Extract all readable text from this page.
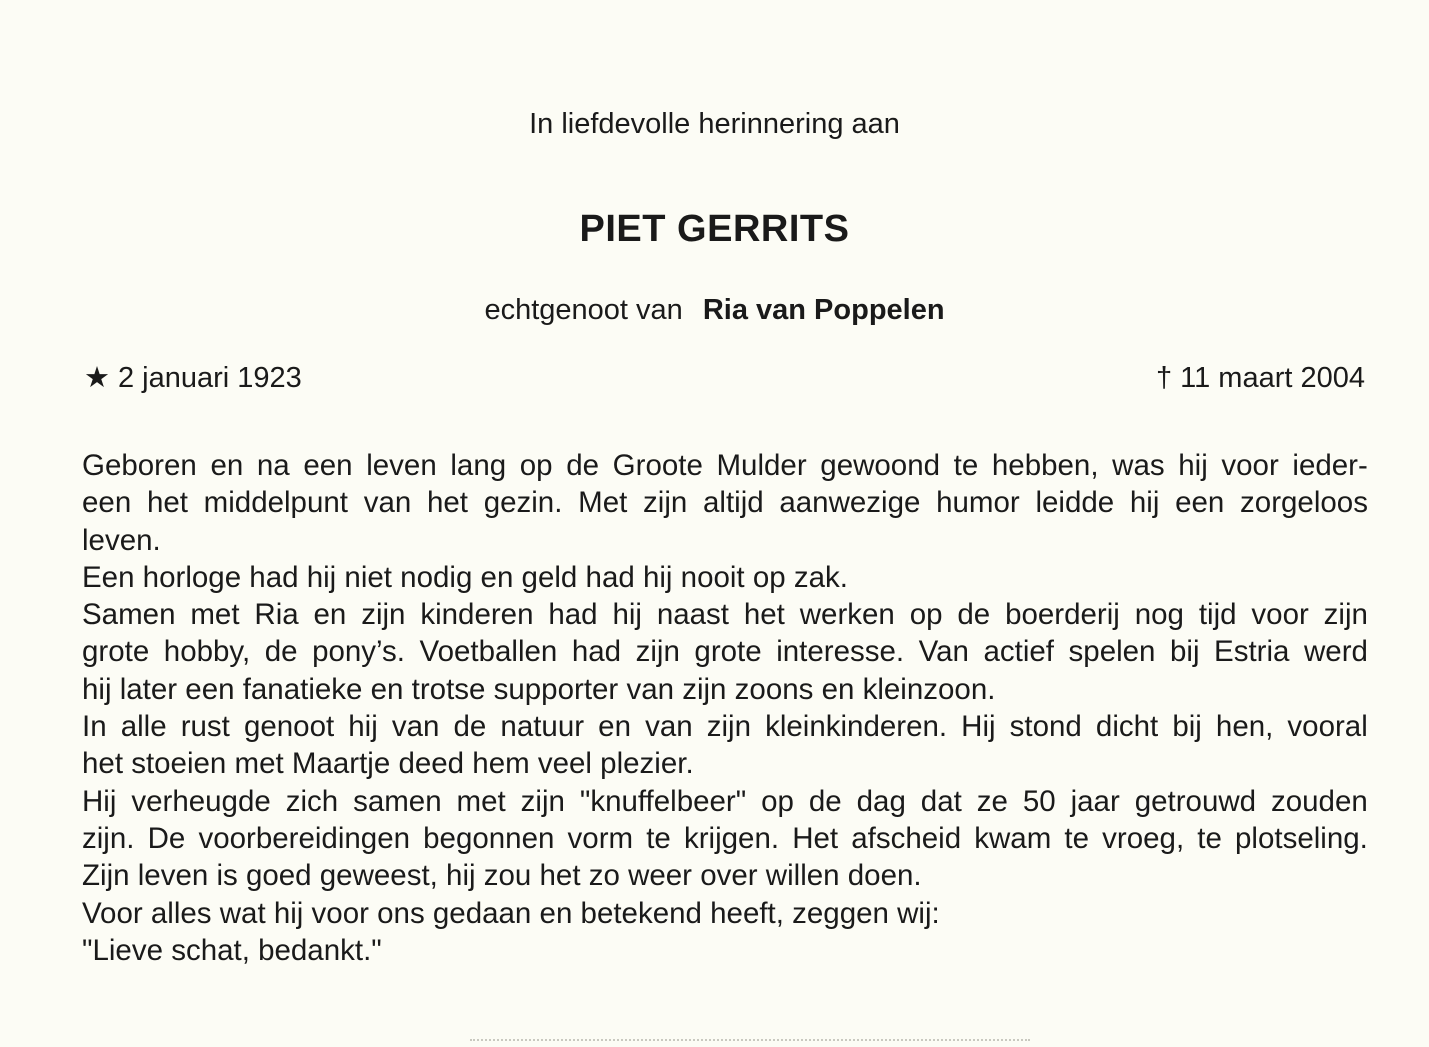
In liefdevolle herinnering aan
PIET GERRITS
echtgenoot van Ria van Poppelen
★ 2 januari 1923	† 11 maart 2004
Geboren en na een leven lang op de Groote Mulder gewoond te hebben, was hij voor ieder-
een het middelpunt van het gezin. Met zijn altijd aanwezige humor leidde hij een zorgeloos
leven.
Een horloge had hij niet nodig en geld had hij nooit op zak.
Samen met Ria en zijn kinderen had hij naast het werken op de boerderij nog tijd voor zijn
grote hobby, de pony’s. Voetballen had zijn grote interesse. Van actief spelen bij Estria werd
hij later een fanatieke en trotse supporter van zijn zoons en kleinzoon.
In alle rust genoot hij van de natuur en van zijn kleinkinderen. Hij stond dicht bij hen, vooral
het stoeien met Maartje deed hem veel plezier.
Hij verheugde zich samen met zijn "knuffelbeer" op de dag dat ze 50 jaar getrouwd zouden
zijn. De voorbereidingen begonnen vorm te krijgen. Het afscheid kwam te vroeg, te plotseling.
Zijn leven is goed geweest, hij zou het zo weer over willen doen.
Voor alles wat hij voor ons gedaan en betekend heeft, zeggen wij:
"Lieve schat, bedankt."
